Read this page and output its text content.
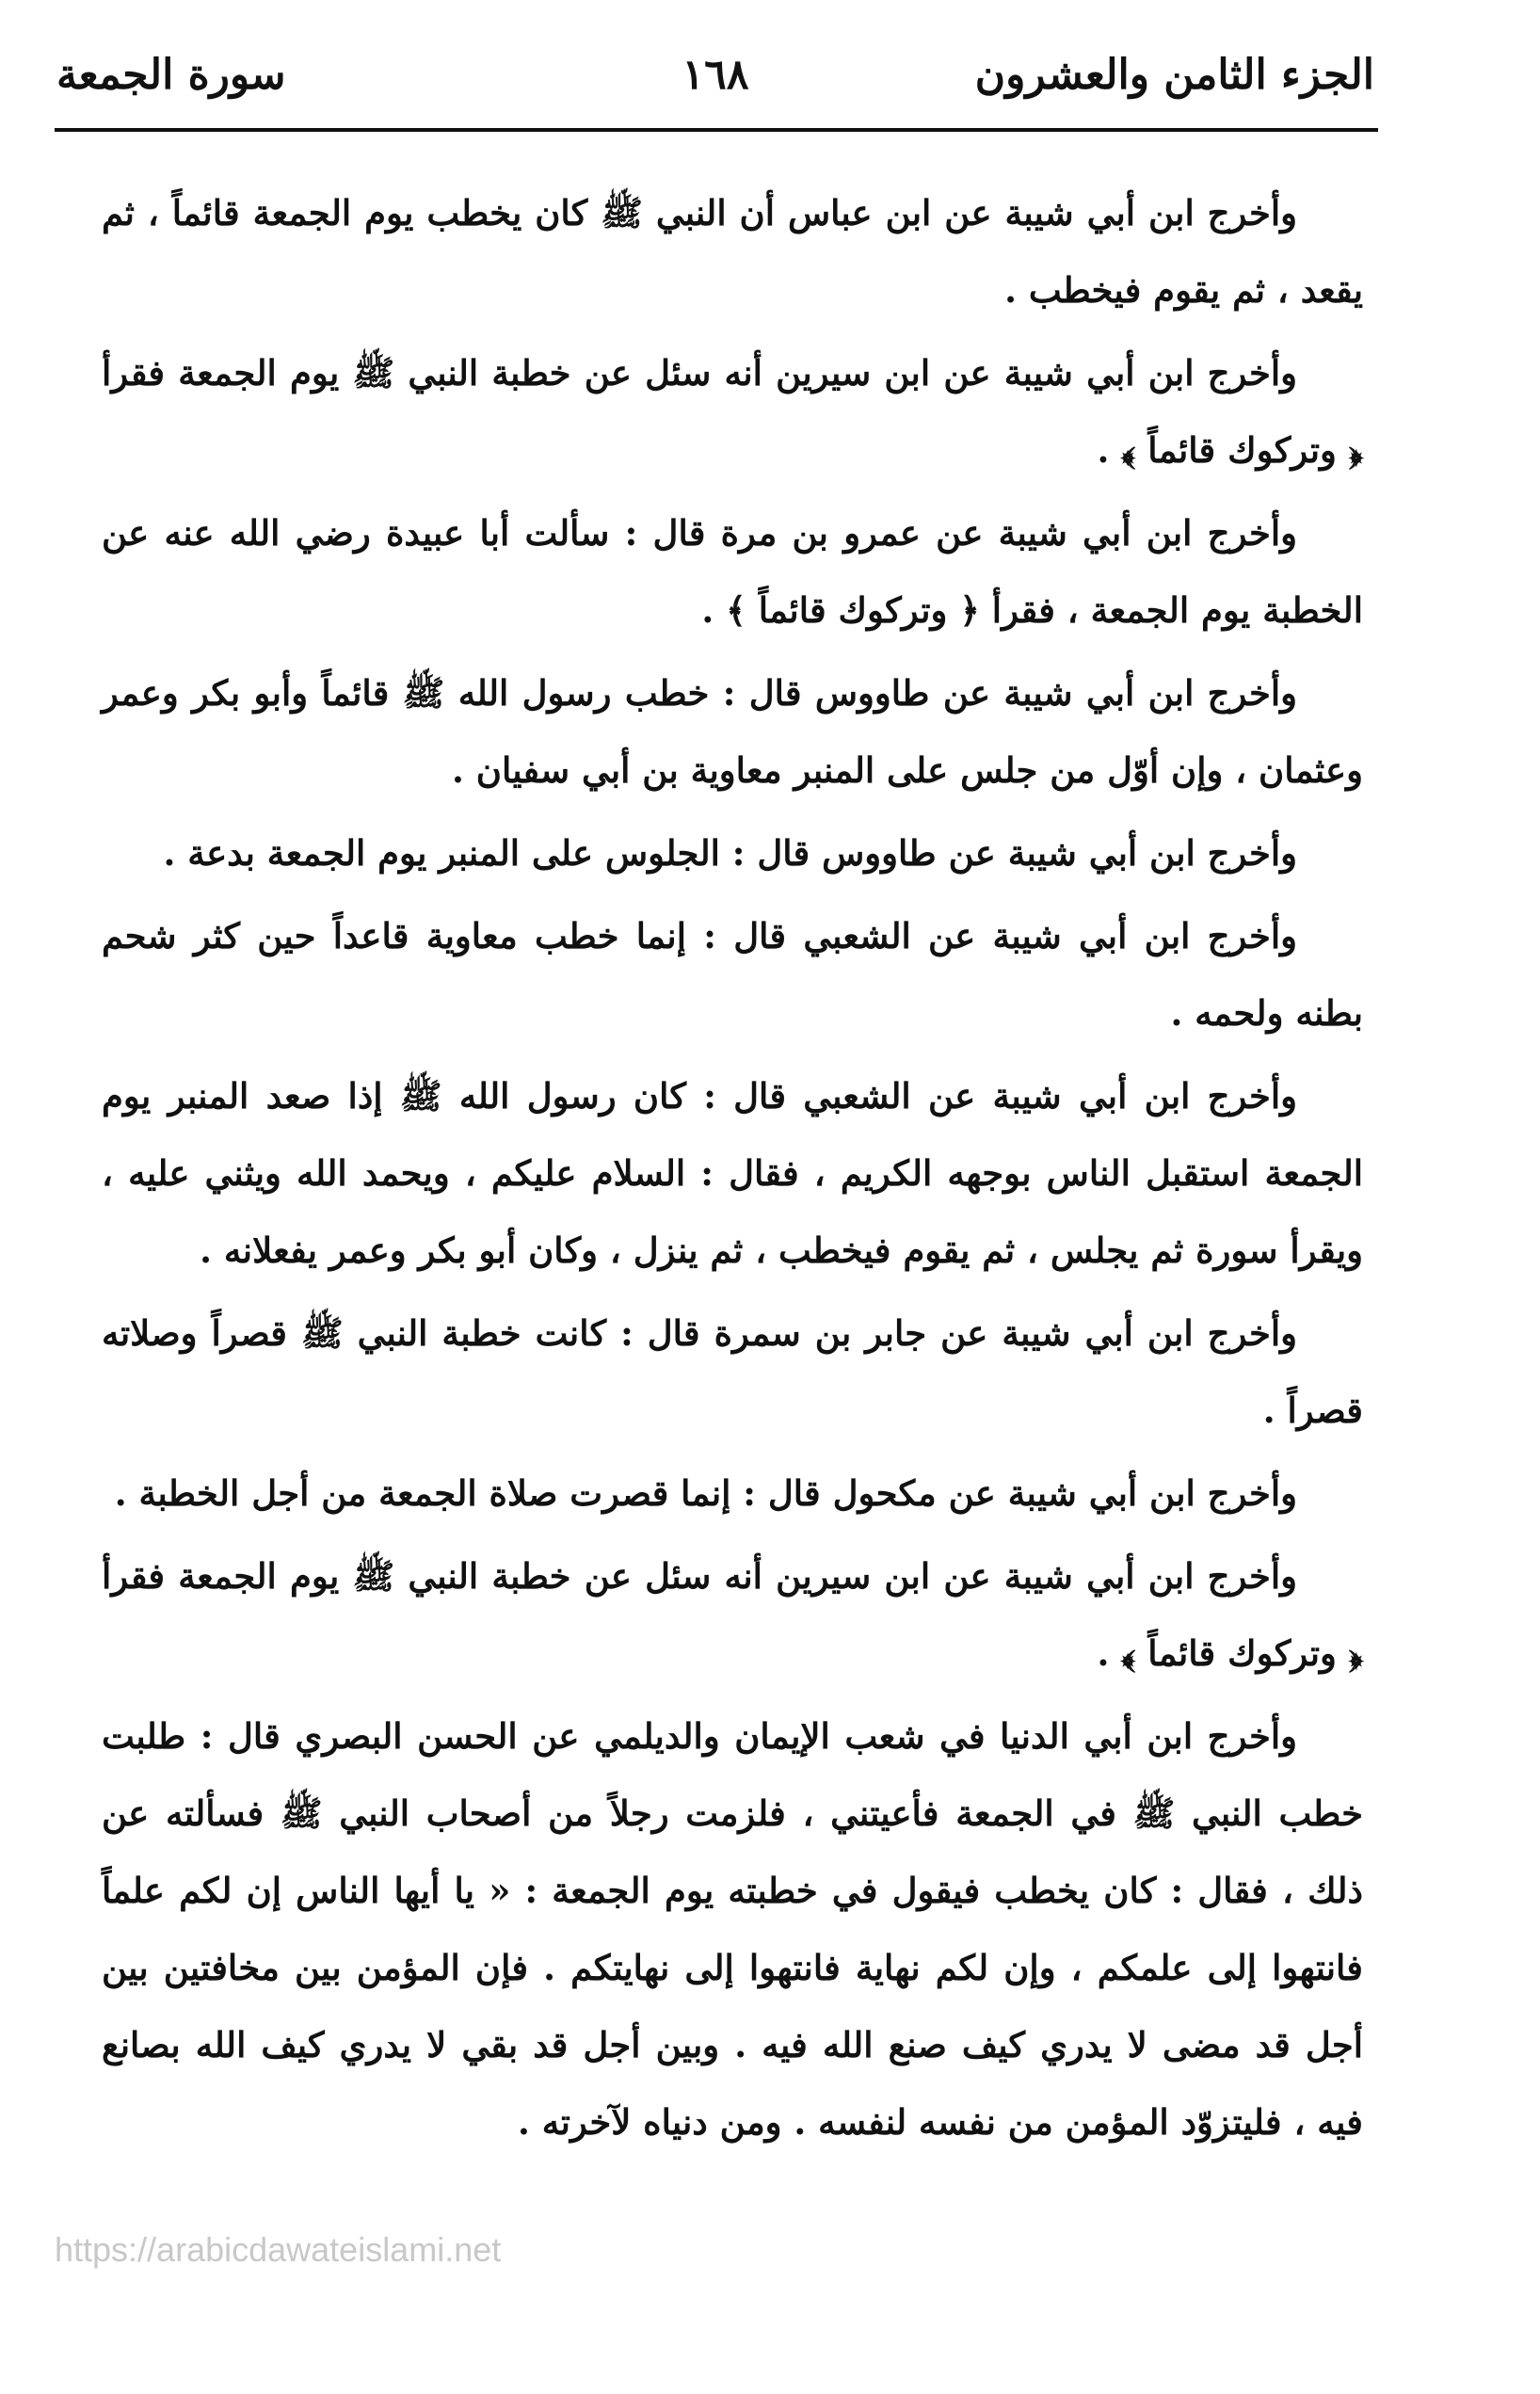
الجزء الثامن والعشرون
١٦٨
سورة الجمعة

وأخرج ابن أبي شيبة عن ابن عباس أن النبي ﷺ كان يخطب يوم الجمعة قائماً ، ثم يقعد ، ثم يقوم فيخطب .

وأخرج ابن أبي شيبة عن ابن سيرين أنه سئل عن خطبة النبي ﷺ يوم الجمعة فقرأ ﴿ وتركوك قائماً ﴾ .

وأخرج ابن أبي شيبة عن عمرو بن مرة قال : سألت أبا عبيدة رضي الله عنه عن الخطبة يوم الجمعة ، فقرأ ﴿ وتركوك قائماً ﴾ .

وأخرج ابن أبي شيبة عن طاووس قال : خطب رسول الله ﷺ قائماً وأبو بكر وعمر وعثمان ، وإن أوّل من جلس على المنبر معاوية بن أبي سفيان .

وأخرج ابن أبي شيبة عن طاووس قال : الجلوس على المنبر يوم الجمعة بدعة .

وأخرج ابن أبي شيبة عن الشعبي قال : إنما خطب معاوية قاعداً حين كثر شحم بطنه ولحمه .

وأخرج ابن أبي شيبة عن الشعبي قال : كان رسول الله ﷺ إذا صعد المنبر يوم الجمعة استقبل الناس بوجهه الكريم ، فقال : السلام عليكم ، ويحمد الله ويثني عليه ، ويقرأ سورة ثم يجلس ، ثم يقوم فيخطب ، ثم ينزل ، وكان أبو بكر وعمر يفعلانه .

وأخرج ابن أبي شيبة عن جابر بن سمرة قال : كانت خطبة النبي ﷺ قصراً وصلاته قصراً .

وأخرج ابن أبي شيبة عن مكحول قال : إنما قصرت صلاة الجمعة من أجل الخطبة .

وأخرج ابن أبي شيبة عن ابن سيرين أنه سئل عن خطبة النبي ﷺ يوم الجمعة فقرأ ﴿ وتركوك قائماً ﴾ .

وأخرج ابن أبي الدنيا في شعب الإيمان والديلمي عن الحسن البصري قال : طلبت خطب النبي ﷺ في الجمعة فأعيتني ، فلزمت رجلاً من أصحاب النبي ﷺ فسألته عن ذلك ، فقال : كان يخطب فيقول في خطبته يوم الجمعة : « يا أيها الناس إن لكم علماً فانتهوا إلى علمكم ، وإن لكم نهاية فانتهوا إلى نهايتكم . فإن المؤمن بين مخافتين بين أجل قد مضى لا يدري كيف صنع الله فيه . وبين أجل قد بقي لا يدري كيف الله بصانع فيه ، فليتزوّد المؤمن من نفسه لنفسه . ومن دنياه لآخرته .

https://arabicdawateislami.net
